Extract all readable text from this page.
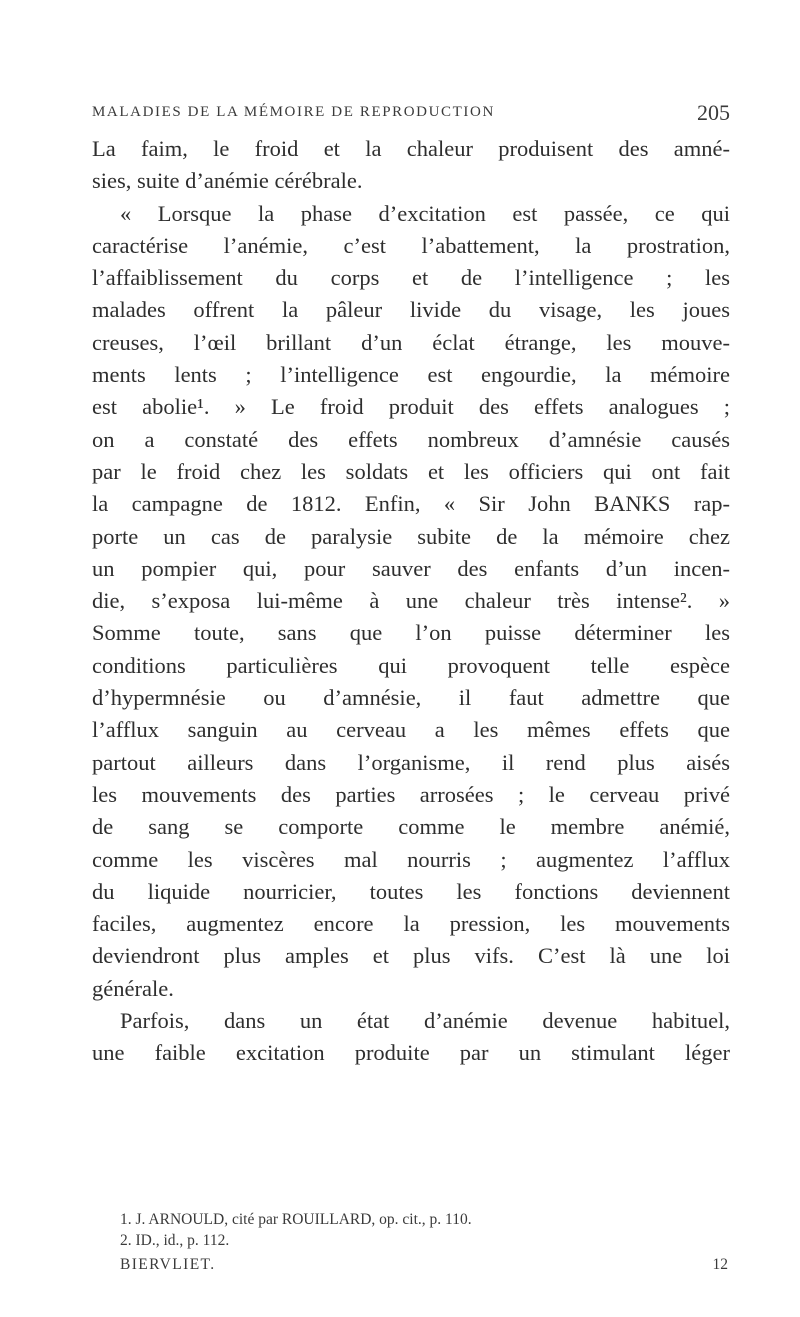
MALADIES DE LA MÉMOIRE DE REPRODUCTION	205
La faim, le froid et la chaleur produisent des amné-
sies, suite d’anémie cérébrale.
« Lorsque la phase d’excitation est passée, ce qui
caractérise l’anémie, c’est l’abattement, la prostration,
l’affaiblissement du corps et de l’intelligence ; les
malades offrent la pâleur livide du visage, les joues
creuses, l’œil brillant d’un éclat étrange, les mouve-
ments lents ; l’intelligence est engourdie, la mémoire
est abolie¹. » Le froid produit des effets analogues ;
on a constaté des effets nombreux d’amnésie causés
par le froid chez les soldats et les officiers qui ont fait
la campagne de 1812. Enfin, « Sir John BANKS rap-
porte un cas de paralysie subite de la mémoire chez
un pompier qui, pour sauver des enfants d’un incen-
die, s’exposa lui-même à une chaleur très intense². »
Somme toute, sans que l’on puisse déterminer les
conditions particulières qui provoquent telle espèce
d’hypermnésie ou d’amnésie, il faut admettre que
l’afflux sanguin au cerveau a les mêmes effets que
partout ailleurs dans l’organisme, il rend plus aisés
les mouvements des parties arrosées ; le cerveau privé
de sang se comporte comme le membre anémié,
comme les viscères mal nourris ; augmentez l’afflux
du liquide nourricier, toutes les fonctions deviennent
faciles, augmentez encore la pression, les mouvements
deviendront plus amples et plus vifs. C’est là une loi
générale.
Parfois, dans un état d’anémie devenue habituel,
une faible excitation produite par un stimulant léger
1. J. ARNOULD, cité par ROUILLARD, op. cit., p. 110.
2. ID., id., p. 112.
BIERVLIET.	12
